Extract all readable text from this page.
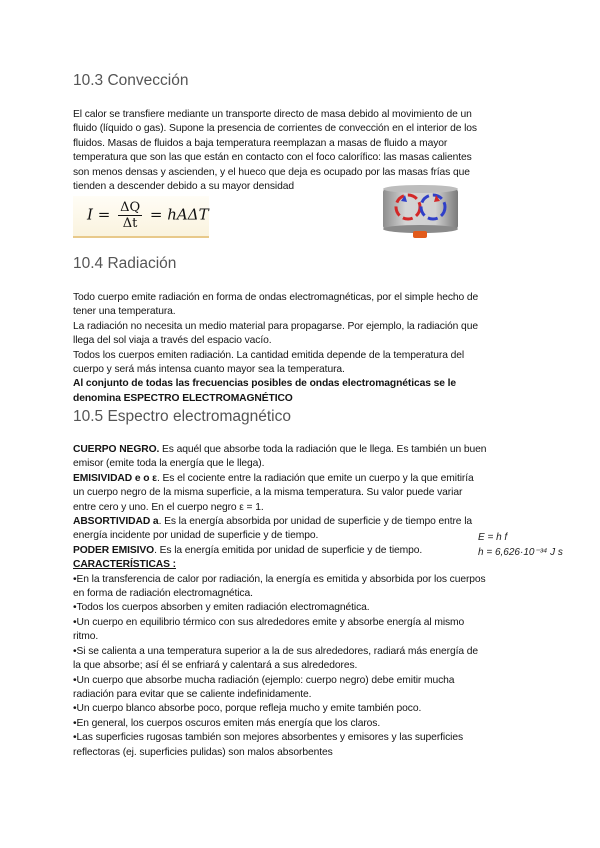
10.3 Convección
El calor se transfiere mediante un transporte directo de masa debido al movimiento de un
fluido (líquido o gas). Supone la presencia de corrientes de convección en el interior de los
fluidos. Masas de fluidos a baja temperatura reemplazan a masas de fluido a mayor
temperatura que son las que están en contacto con el foco calorífico: las masas calientes
son menos densas y ascienden, y el hueco que deja es ocupado por las masas frías que
tienden a descender debido a su mayor densidad
$I = \frac{\Delta Q}{\Delta t} = hA\Delta T$
10.4 Radiación
Todo cuerpo emite radiación en forma de ondas electromagnéticas, por el simple hecho de
tener una temperatura.
La radiación no necesita un medio material para propagarse. Por ejemplo, la radiación que
llega del sol viaja a través del espacio vacío.
Todos los cuerpos emiten radiación. La cantidad emitida depende de la temperatura del
cuerpo y será más intensa cuanto mayor sea la temperatura.
Al conjunto de todas las frecuencias posibles de ondas electromagnéticas se le
denomina ESPECTRO ELECTROMAGNÉTICO
10.5 Espectro electromagnético
CUERPO NEGRO. Es aquél que absorbe toda la radiación que le llega. Es también un buen
emisor (emite toda la energía que le llega).
EMISIVIDAD e o ε. Es el cociente entre la radiación que emite un cuerpo y la que emitiría
un cuerpo negro de la misma superficie, a la misma temperatura. Su valor puede variar
entre cero y uno. En el cuerpo negro ε = 1.
ABSORTIVIDAD a. Es la energía absorbida por unidad de superficie y de tiempo entre la
energía incidente por unidad de superficie y de tiempo.
PODER EMISIVO. Es la energía emitida por unidad de superficie y de tiempo.
CARACTERÍSTICAS :
•En la transferencia de calor por radiación, la energía es emitida y absorbida por los cuerpos
en forma de radiación electromagnética.
•Todos los cuerpos absorben y emiten radiación electromagnética.
•Un cuerpo en equilibrio térmico con sus alrededores emite y absorbe energía al mismo
ritmo.
•Si se calienta a una temperatura superior a la de sus alrededores, radiará más energía de
la que absorbe; así él se enfriará y calentará a sus alrededores.
•Un cuerpo que absorbe mucha radiación (ejemplo: cuerpo negro) debe emitir mucha
radiación para evitar que se caliente indefinidamente.
•Un cuerpo blanco absorbe poco, porque refleja mucho y emite también poco.
•En general, los cuerpos oscuros emiten más energía que los claros.
•Las superficies rugosas también son mejores absorbentes y emisores y las superficies
reflectoras (ej. superficies pulidas) son malos absorbentes
E = h f
h = 6,626·10⁻³⁴ J s
